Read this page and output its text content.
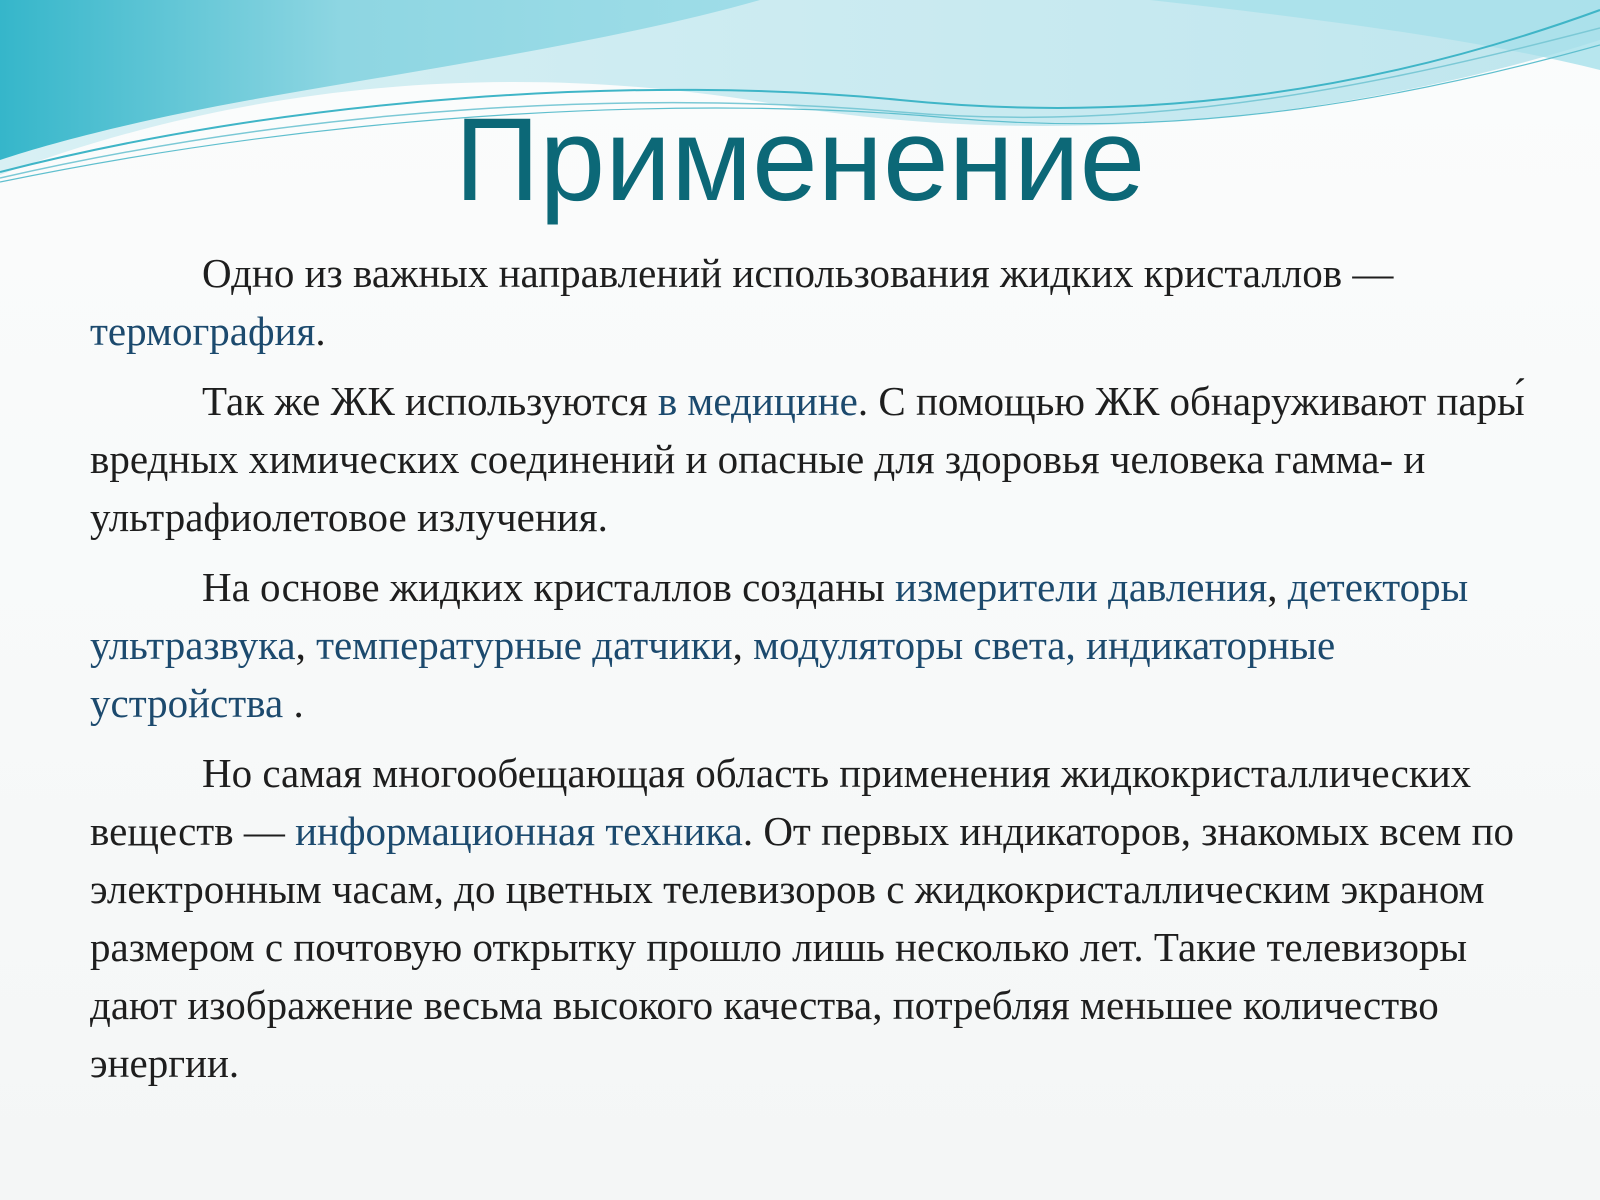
Применение

Одно из важных направлений использования жидких кристаллов — термография.

Так же ЖК используются в медицине. С помощью ЖК обнаруживают пары́ вредных химических соединений и опасные для здоровья человека гамма- и ультрафиолетовое излучения.

На основе жидких кристаллов созданы измерители давления, детекторы ультразвука, температурные датчики, модуляторы света, индикаторные устройства .

Но самая многообещающая область применения жидкокристаллических веществ — информационная техника. От первых индикаторов, знакомых всем по электронным часам, до цветных телевизоров с жидкокристаллическим экраном размером с почтовую открытку прошло лишь несколько лет. Такие телевизоры дают изображение весьма высокого качества, потребляя меньшее количество энергии.
